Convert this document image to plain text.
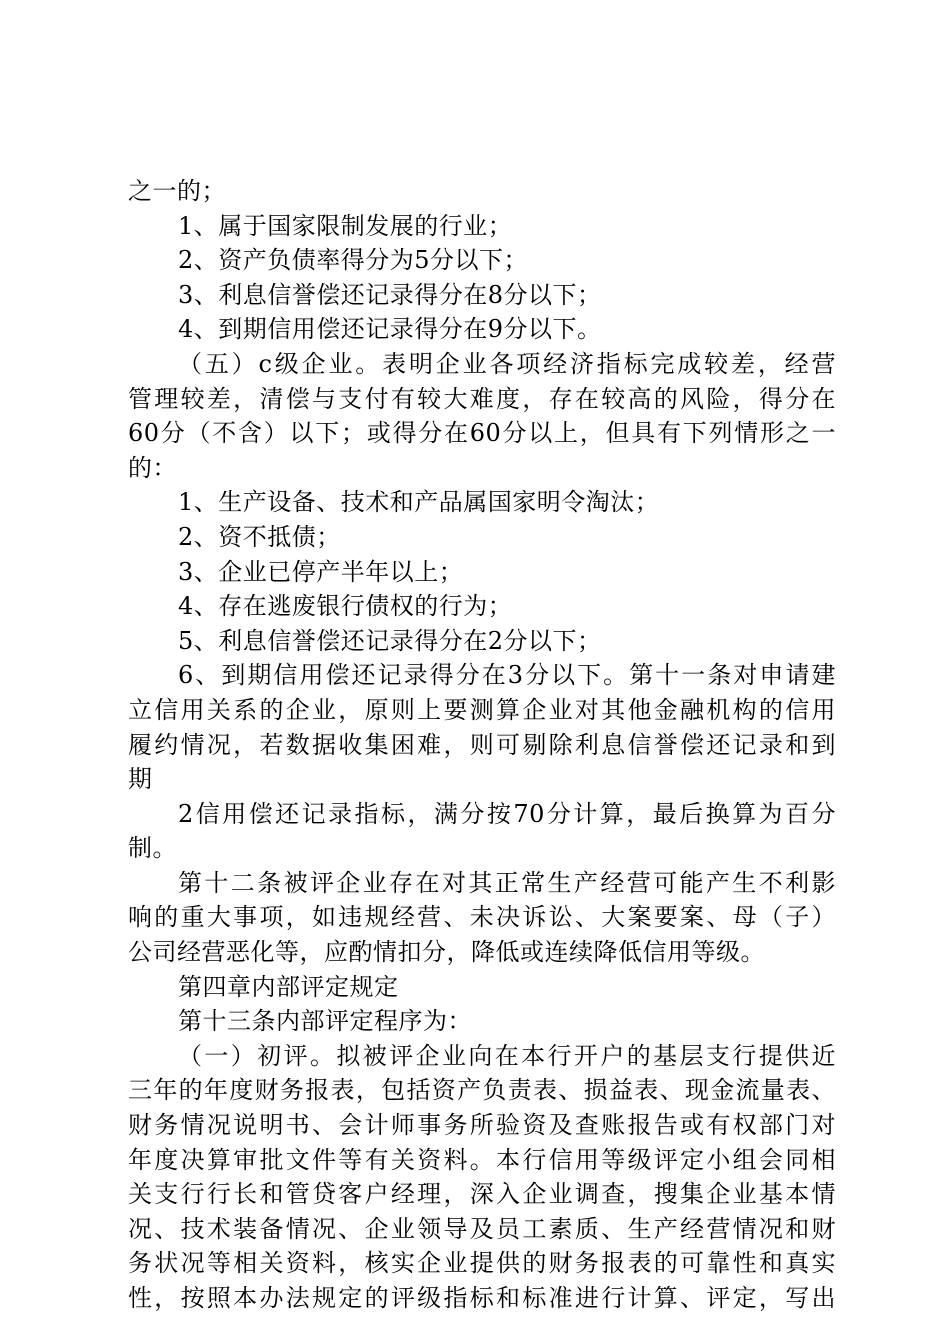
之一的；
1、属于国家限制发展的行业；
2、资产负债率得分为5分以下；
3、利息信誉偿还记录得分在8分以下；
4、到期信用偿还记录得分在9分以下。
（五）c级企业。表明企业各项经济指标完成较差，经营
管理较差，清偿与支付有较大难度，存在较高的风险，得分在
60分（不含）以下；或得分在60分以上，但具有下列情形之一
的：
1、生产设备、技术和产品属国家明令淘汰；
2、资不抵债；
3、企业已停产半年以上；
4、存在逃废银行债权的行为；
5、利息信誉偿还记录得分在2分以下；
6、到期信用偿还记录得分在3分以下。第十一条对申请建
立信用关系的企业，原则上要测算企业对其他金融机构的信用
履约情况，若数据收集困难，则可剔除利息信誉偿还记录和到
期
2信用偿还记录指标，满分按70分计算，最后换算为百分
制。
第十二条被评企业存在对其正常生产经营可能产生不利影
响的重大事项，如违规经营、未决诉讼、大案要案、母（子）
公司经营恶化等，应酌情扣分，降低或连续降低信用等级。
第四章内部评定规定
第十三条内部评定程序为：
（一）初评。拟被评企业向在本行开户的基层支行提供近
三年的年度财务报表，包括资产负责表、损益表、现金流量表、
财务情况说明书、会计师事务所验资及查账报告或有权部门对
年度决算审批文件等有关资料。本行信用等级评定小组会同相
关支行行长和管贷客户经理，深入企业调查，搜集企业基本情
况、技术装备情况、企业领导及员工素质、生产经营情况和财
务状况等相关资料，核实企业提供的财务报表的可靠性和真实
性，按照本办法规定的评级指标和标准进行计算、评定，写出
